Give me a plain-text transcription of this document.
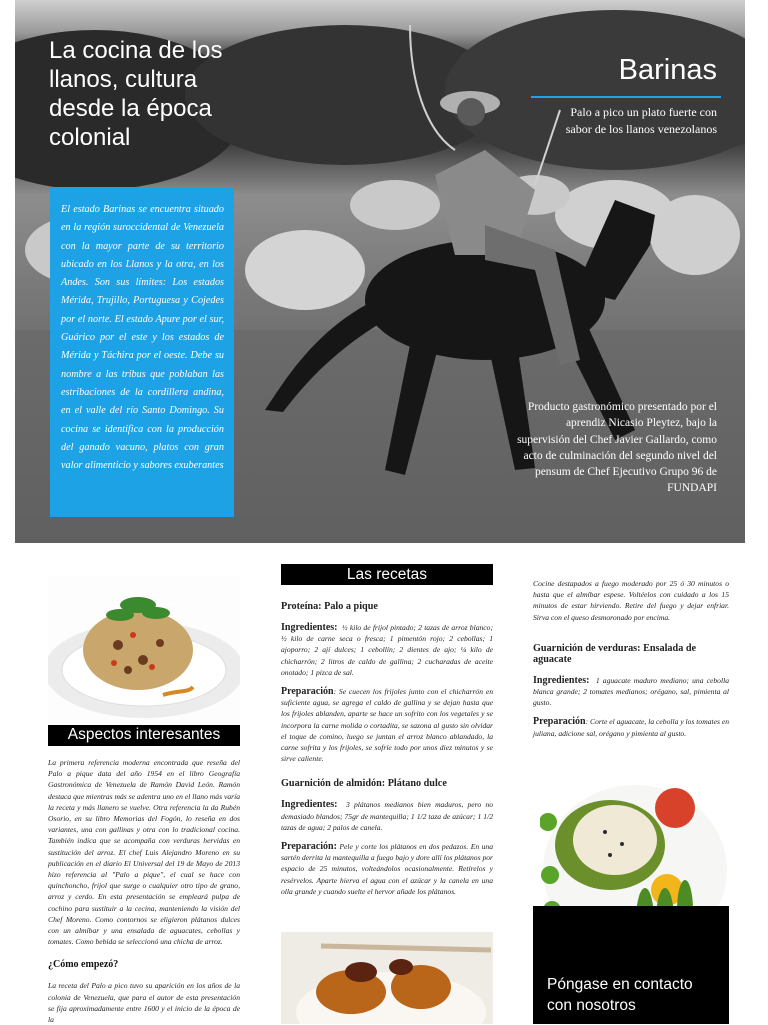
La cocina de los llanos, cultura desde la época colonial
Barinas
Palo a pico un plato fuerte con sabor de los llanos venezolanos

El estado Barinas se encuentra situado en la región suroccidental de Venezuela con la mayor parte de su territorio ubicado en los Llanos y la otra, en los Andes. Son sus límites: Los estados Mérida, Trujillo, Portuguesa y Cojedes por el norte. El estado Apure por el sur, Guárico por el este y los estados de Mérida y Táchira por el oeste. Debe su nombre a las tribus que poblaban las estribaciones de la cordillera andina, en el valle del río Santo Domingo. Su cocina se identifica con la producción del ganado vacuno, platos con gran valor alimenticio y sabores exuberantes

Producto gastronómico presentado por el aprendiz Nicasio Pleytez, bajo la supervisión del Chef Javier Gallardo, como acto de culminación del segundo nivel del pensum de Chef Ejecutivo Grupo 96 de FUNDAPI

Aspectos interesantes

La primera referencia moderna encontrada que reseña del Palo a pique data del año 1954 en el libro Geografía Gastronómica de Venezuela de Ramón David León. Ramón destaca que mientras más se adentra uno en el llano más varía la receta y más llanero se vuelve. Otra referencia la da Rubén Osorio, en su libro Memorias del Fogón, lo reseña en dos variantes, una con gallinas y otra con lo tradicional cocina. También indica que se acompaña con verduras hervidas en sustitución del arroz. El chef Luis Alejandro Moreno en su publicación en el diario El Universal del 19 de Mayo de 2013 hizo referencia al "Palo a pique", el cual se hace con quinchoncho, frijol que surge o cualquier otro tipo de grano, arroz y cerdo. En esta presentación se empleará pulpa de cochino para sustituir a la cecina, manteniendo la visión del Chef Moreno. Como contornos se eligieron plátanos dulces con un almíbar y una ensalada de aguacates, cebollas y tomates. Como bebida se seleccionó una chicha de arroz.

¿Cómo empezó?

La receta del Palo a pico tuvo su aparición en los años de la colonia de Venezuela, que para el autor de esta presentación se fija aproximadamente entre 1600 y el inicio de la época de la

Las recetas
Proteína: Palo a pique

Ingredientes: ½ kilo de frijol pintado; 2 tazas de arroz blanco; ½ kilo de carne seca o fresca; 1 pimentón rojo; 2 cebollas; 1 ajoporro; 2 ají dulces; 1 cebollín; 2 dientes de ajo; ¼ kilo de chicharrón; 2 litros de caldo de gallina; 2 cucharadas de aceite onotado; 1 pizca de sal.

Preparación: Se cuecen los frijoles junto con el chicharrón en suficiente agua, se agrega el caldo de gallina y se dejan hasta que los frijoles ablanden, aparte se hace un sofrito con los vegetales y se incorpora la carne molida o cortadita, se sazona al gusto sin olvidar el toque de comino, luego se juntan el arroz blanco ablandado, la carne sofrita y los frijoles, se sofríe todo por unos diez minutos y se sirve caliente.

Guarnición de almidón: Plátano dulce

Ingredientes: 3 plátanos medianos bien maduros, pero no demasiado blandos; 75gr de mantequilla; 1 1/2 taza de azúcar; 1 1/2 tazas de agua; 2 palos de canela.

Preparación: Pele y corte los plátanos en dos pedazos. En una sartén derrita la mantequilla a fuego bajo y dore allí los plátanos por espacio de 25 minutos, volteándolos ocasionalmente. Retírelos y resérvelos. Aparte hierva el agua con el azúcar y la canela en una olla grande y cuando suelte el hervor añade los plátanos.

Cocine destapados a fuego moderado por 25 ó 30 minutos o hasta que el almíbar espese. Voltéelos con cuidado a los 15 minutos de estar hirviendo. Retire del fuego y dejar enfriar. Sirva con el queso desmoronado por encima.

Guarnición de verduras: Ensalada de aguacate

Ingredientes: 1 aguacate maduro mediano; una cebolla blanca grande; 2 tomates medianos; orégano, sal, pimienta al gusto.

Preparación: Corte el aguacate, la cebolla y los tomates en juliana, adicione sal, orégano y pimienta al gusto.

Póngase en contacto con nosotros
